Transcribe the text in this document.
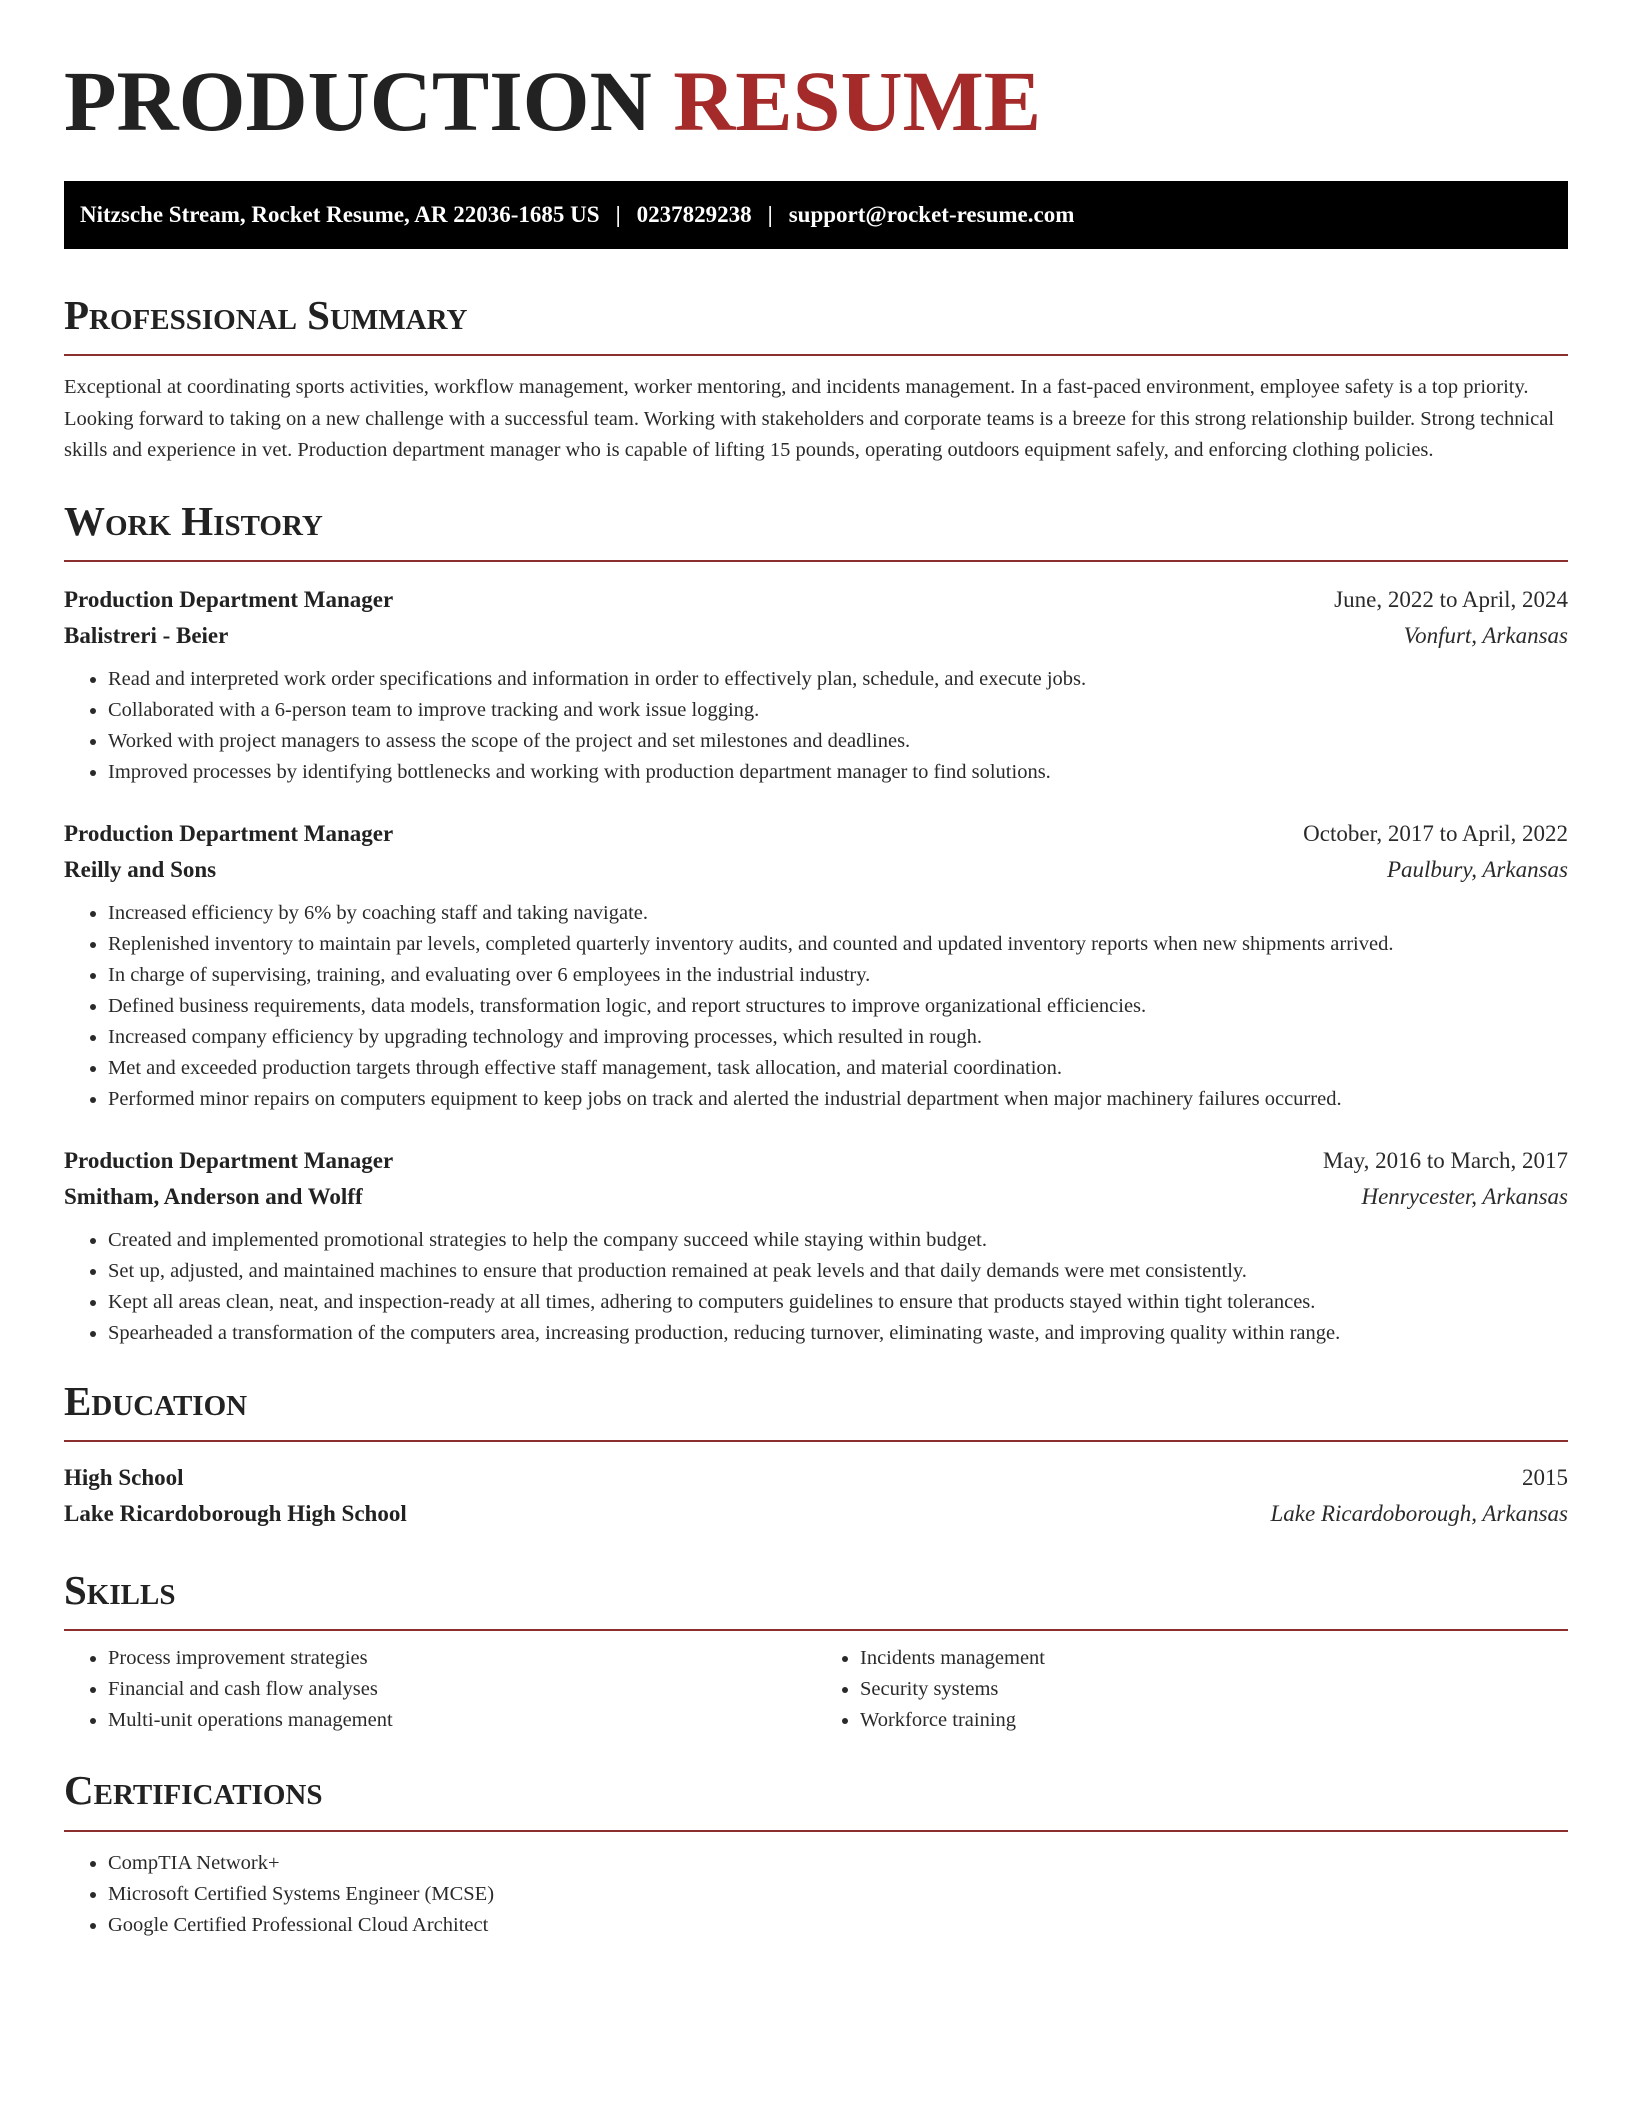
PRODUCTION RESUME
Nitzsche Stream, Rocket Resume, AR 22036-1685 US | 0237829238 | support@rocket-resume.com
Professional Summary

Exceptional at coordinating sports activities, workflow management, worker mentoring, and incidents management. In a fast-paced environment, employee safety is a top priority. Looking forward to taking on a new challenge with a successful team. Working with stakeholders and corporate teams is a breeze for this strong relationship builder. Strong technical skills and experience in vet. Production department manager who is capable of lifting 15 pounds, operating outdoors equipment safely, and enforcing clothing policies.

Work History
Production Department Manager	June, 2022 to April, 2024
Balistreri - Beier	Vonfurt, Arkansas
• Read and interpreted work order specifications and information in order to effectively plan, schedule, and execute jobs.
• Collaborated with a 6-person team to improve tracking and work issue logging.
• Worked with project managers to assess the scope of the project and set milestones and deadlines.
• Improved processes by identifying bottlenecks and working with production department manager to find solutions.
Production Department Manager	October, 2017 to April, 2022
Reilly and Sons	Paulbury, Arkansas
• Increased efficiency by 6% by coaching staff and taking navigate.
• Replenished inventory to maintain par levels, completed quarterly inventory audits, and counted and updated inventory reports when new shipments arrived.
• In charge of supervising, training, and evaluating over 6 employees in the industrial industry.
• Defined business requirements, data models, transformation logic, and report structures to improve organizational efficiencies.
• Increased company efficiency by upgrading technology and improving processes, which resulted in rough.
• Met and exceeded production targets through effective staff management, task allocation, and material coordination.
• Performed minor repairs on computers equipment to keep jobs on track and alerted the industrial department when major machinery failures occurred.
Production Department Manager	May, 2016 to March, 2017
Smitham, Anderson and Wolff	Henrycester, Arkansas
• Created and implemented promotional strategies to help the company succeed while staying within budget.
• Set up, adjusted, and maintained machines to ensure that production remained at peak levels and that daily demands were met consistently.
• Kept all areas clean, neat, and inspection-ready at all times, adhering to computers guidelines to ensure that products stayed within tight tolerances.
• Spearheaded a transformation of the computers area, increasing production, reducing turnover, eliminating waste, and improving quality within range.
Education
High School	2015
Lake Ricardoborough High School	Lake Ricardoborough, Arkansas
Skills
• Process improvement strategies
• Financial and cash flow analyses
• Multi-unit operations management
• Incidents management
• Security systems
• Workforce training
Certifications
• CompTIA Network+
• Microsoft Certified Systems Engineer (MCSE)
• Google Certified Professional Cloud Architect
